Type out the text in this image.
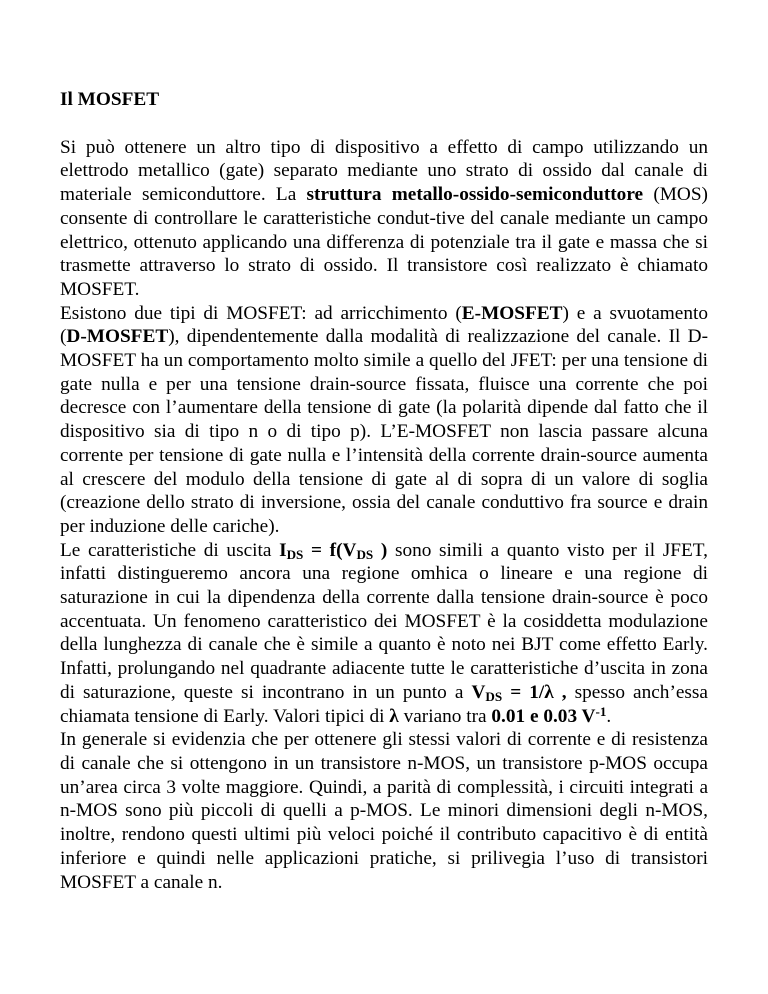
Il MOSFET

Si può ottenere un altro tipo di dispositivo a effetto di campo utilizzando un elettrodo metallico (gate) separato mediante uno strato di ossido dal canale di materiale semiconduttore. La struttura metallo-ossido-semiconduttore (MOS) consente di controllare le caratteristiche condut-tive del canale mediante un campo elettrico, ottenuto applicando una differenza di potenziale tra il gate e massa che si trasmette attraverso lo strato di ossido. Il transistore così realizzato è chiamato MOSFET.

Esistono due tipi di MOSFET: ad arricchimento (E-MOSFET) e a svuotamento (D-MOSFET), dipendentemente dalla modalità di realizzazione del canale. Il D-MOSFET ha un comportamento molto simile a quello del JFET: per una tensione di gate nulla e per una tensione drain-source fissata, fluisce una corrente che poi decresce con l’aumentare della tensione di gate (la polarità dipende dal fatto che il dispositivo sia di tipo n o di tipo p). L’E-MOSFET non lascia passare alcuna corrente per tensione di gate nulla e l’intensità della corrente drain-source aumenta al crescere del modulo della tensione di gate al di sopra di un valore di soglia (creazione dello strato di inversione, ossia del canale conduttivo fra source e drain per induzione delle cariche).

Le caratteristiche di uscita $I_{DS} = f(V_{DS}$ ) sono simili a quanto visto per il JFET, infatti distingueremo ancora una regione omhica o lineare e una regione di saturazione in cui la dipendenza della corrente dalla tensione drain-source è poco accentuata. Un fenomeno caratteristico dei MOSFET è la cosiddetta modulazione della lunghezza di canale che è simile a quanto è noto nei BJT come effetto Early. Infatti, prolungando nel quadrante adiacente tutte le caratteristiche d’uscita in zona di saturazione, queste si incontrano in un punto a $V_{DS} = 1/\lambda$ , spesso anch’essa chiamata tensione di Early. Valori tipici di λ variano tra 0.01 e 0.03 $V^{-1}$.

In generale si evidenzia che per ottenere gli stessi valori di corrente e di resistenza di canale che si ottengono in un transistore n-MOS, un transistore p-MOS occupa un’area circa 3 volte maggiore. Quindi, a parità di complessità, i circuiti integrati a n-MOS sono più piccoli di quelli a p-MOS. Le minori dimensioni degli n-MOS, inoltre, rendono questi ultimi più veloci poiché il contributo capacitivo è di entità inferiore e quindi nelle applicazioni pratiche, si prilivegia l’uso di transistori MOSFET a canale n.
